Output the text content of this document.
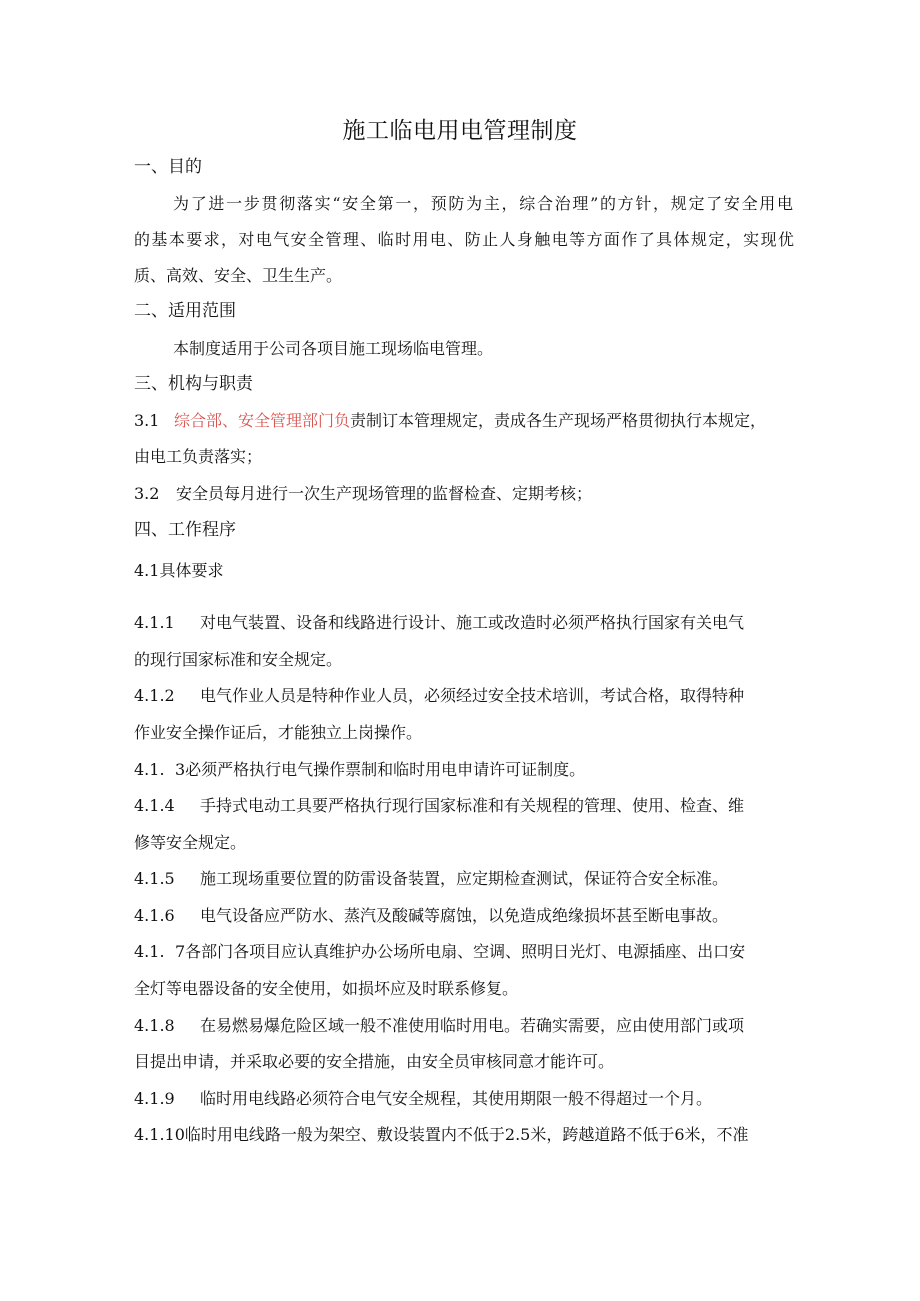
施工临电用电管理制度
一、目的
为了进一步贯彻落实“安全第一，预防为主，综合治理”的方针，规定了安全用电
的基本要求，对电气安全管理、临时用电、防止人身触电等方面作了具体规定，实现优
质、高效、安全、卫生生产。
二、适用范围
本制度适用于公司各项目施工现场临电管理。
三、机构与职责
3.1 综合部、安全管理部门负责制订本管理规定，责成各生产现场严格贯彻执行本规定，
由电工负责落实；
3.2 安全员每月进行一次生产现场管理的监督检查、定期考核；
四、工作程序
4.1具体要求
4.1.1 对电气装置、设备和线路进行设计、施工或改造时必须严格执行国家有关电气
的现行国家标准和安全规定。
4.1.2 电气作业人员是特种作业人员，必须经过安全技术培训，考试合格，取得特种
作业安全操作证后，才能独立上岗操作。
4.1. 3必须严格执行电气操作票制和临时用电申请许可证制度。
4.1.4 手持式电动工具要严格执行现行国家标准和有关规程的管理、使用、检查、维
修等安全规定。
4.1.5 施工现场重要位置的防雷设备装置，应定期检查测试，保证符合安全标准。
4.1.6 电气设备应严防水、蒸汽及酸碱等腐蚀，以免造成绝缘损坏甚至断电事故。
4.1. 7各部门各项目应认真维护办公场所电扇、空调、照明日光灯、电源插座、出口安
全灯等电器设备的安全使用，如损坏应及时联系修复。
4.1.8 在易燃易爆危险区域一般不准使用临时用电。若确实需要，应由使用部门或项
目提出申请，并采取必要的安全措施，由安全员审核同意才能许可。
4.1.9 临时用电线路必须符合电气安全规程，其使用期限一般不得超过一个月。
4.1.10临时用电线路一般为架空、敷设装置内不低于2.5米，跨越道路不低于6米，不准
